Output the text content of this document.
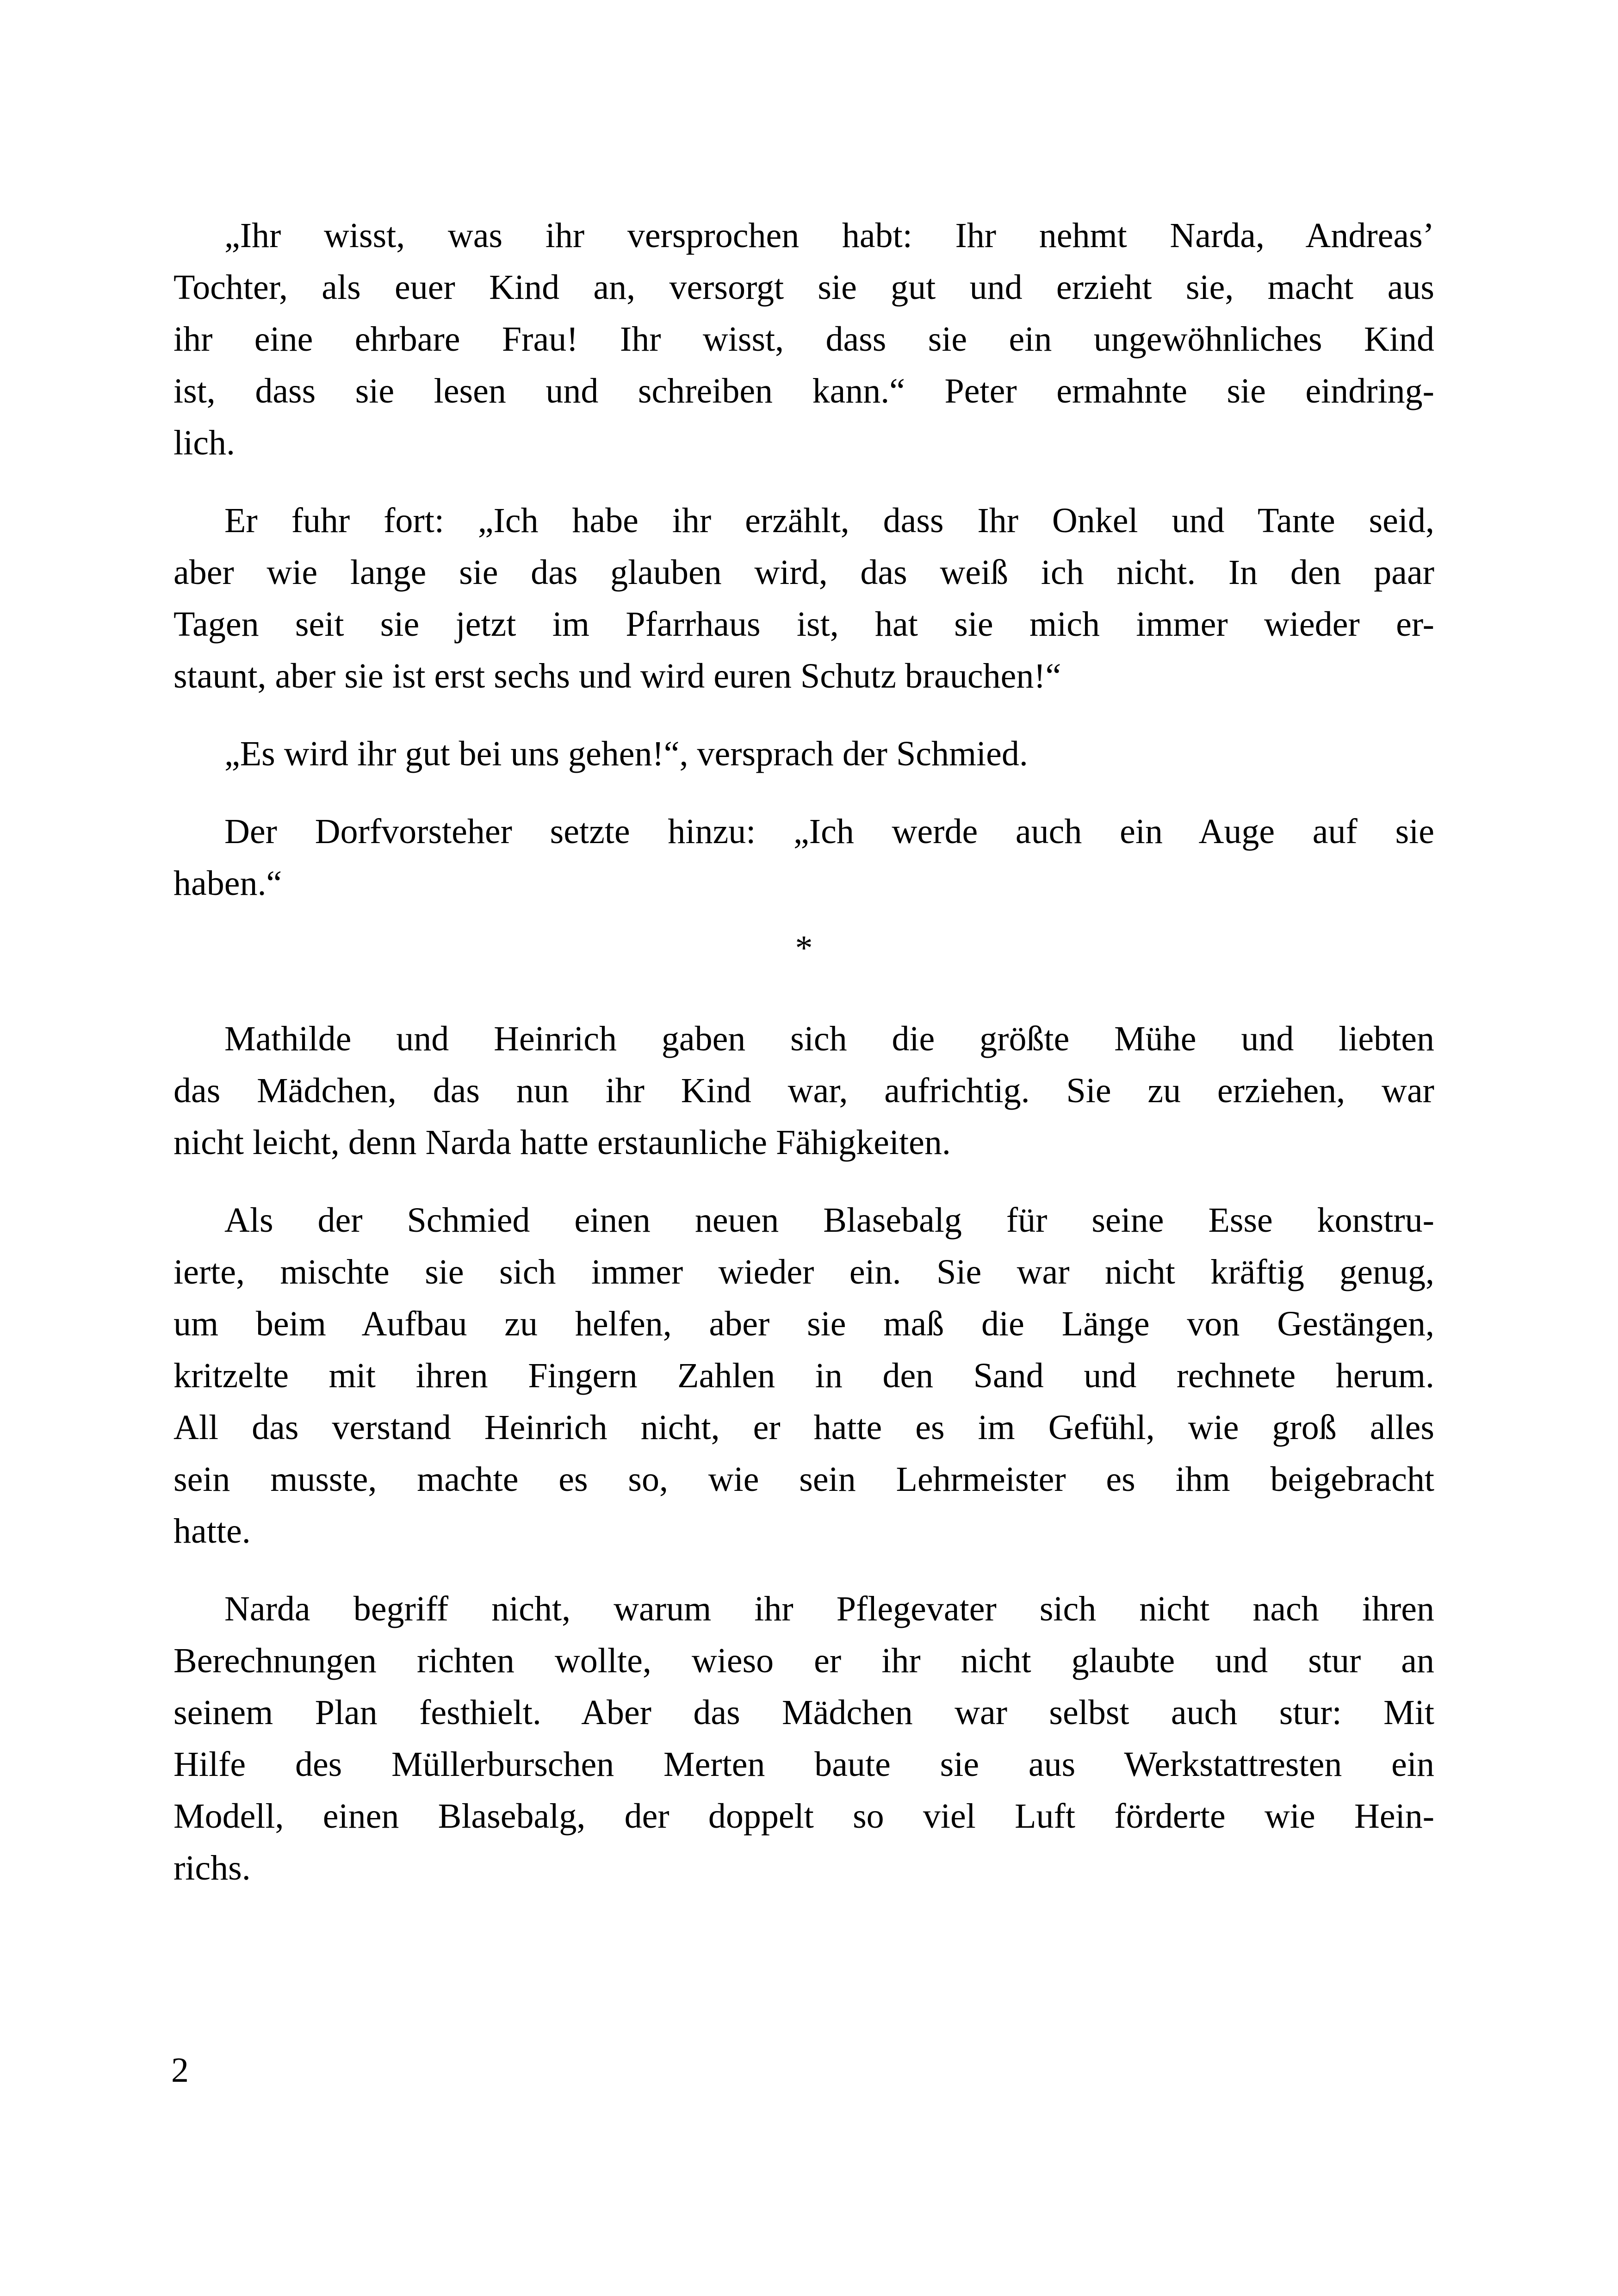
„Ihr wisst, was ihr versprochen habt: Ihr nehmt Narda, Andreas’
Tochter, als euer Kind an, versorgt sie gut und erzieht sie, macht aus
ihr eine ehrbare Frau! Ihr wisst, dass sie ein ungewöhnliches Kind
ist, dass sie lesen und schreiben kann.“ Peter ermahnte sie eindring-
lich.

Er fuhr fort: „Ich habe ihr erzählt, dass Ihr Onkel und Tante seid,
aber wie lange sie das glauben wird, das weiß ich nicht. In den paar
Tagen seit sie jetzt im Pfarrhaus ist, hat sie mich immer wieder er-
staunt, aber sie ist erst sechs und wird euren Schutz brauchen!“

„Es wird ihr gut bei uns gehen!“, versprach der Schmied.

Der Dorfvorsteher setzte hinzu: „Ich werde auch ein Auge auf sie
haben.“

*

Mathilde und Heinrich gaben sich die größte Mühe und liebten
das Mädchen, das nun ihr Kind war, aufrichtig. Sie zu erziehen, war
nicht leicht, denn Narda hatte erstaunliche Fähigkeiten.

Als der Schmied einen neuen Blasebalg für seine Esse konstru-
ierte, mischte sie sich immer wieder ein. Sie war nicht kräftig genug,
um beim Aufbau zu helfen, aber sie maß die Länge von Gestängen,
kritzelte mit ihren Fingern Zahlen in den Sand und rechnete herum.
All das verstand Heinrich nicht, er hatte es im Gefühl, wie groß alles
sein musste, machte es so, wie sein Lehrmeister es ihm beigebracht
hatte.

Narda begriff nicht, warum ihr Pflegevater sich nicht nach ihren
Berechnungen richten wollte, wieso er ihr nicht glaubte und stur an
seinem Plan festhielt. Aber das Mädchen war selbst auch stur: Mit
Hilfe des Müllerburschen Merten baute sie aus Werkstattresten ein
Modell, einen Blasebalg, der doppelt so viel Luft förderte wie Hein-
richs.

2
